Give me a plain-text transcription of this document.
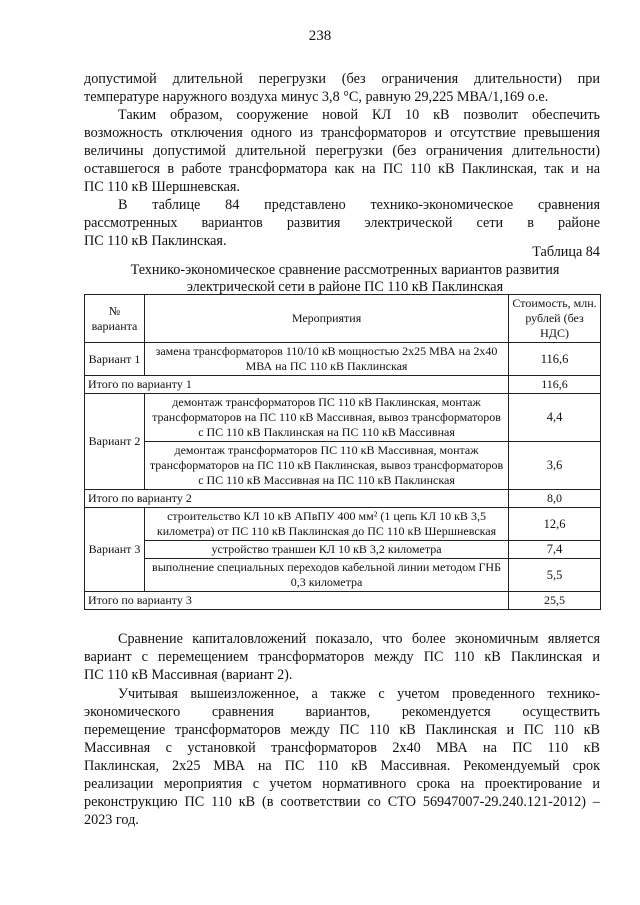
238
допустимой длительной перегрузки (без ограничения длительности) при
температуре наружного воздуха минус 3,8 °С, равную 29,225 МВА/1,169 о.е.
Таким образом, сооружение новой КЛ 10 кВ позволит обеспечить
возможность отключения одного из трансформаторов и отсутствие превышения
величины допустимой длительной перегрузки (без ограничения длительности)
оставшегося в работе трансформатора как на ПС 110 кВ Паклинская, так и на
ПС 110 кВ Шершневская.
В таблице 84 представлено технико-экономическое сравнения
рассмотренных вариантов развития электрической сети в районе
ПС 110 кВ Паклинская.
Таблица 84
Технико-экономическое сравнение рассмотренных вариантов развития
электрической сети в районе ПС 110 кВ Паклинская
№ варианта	Мероприятия	Стоимость, млн. рублей (без НДС)
Вариант 1	замена трансформаторов 110/10 кВ мощностью 2х25 МВА на 2х40 МВА на ПС 110 кВ Паклинская	116,6
Итого по варианту 1		116,6
Вариант 2	демонтаж трансформаторов ПС 110 кВ Паклинская, монтаж трансформаторов на ПС 110 кВ Массивная, вывоз трансформаторов с ПС 110 кВ Паклинская на ПС 110 кВ Массивная	4,4
	демонтаж трансформаторов ПС 110 кВ Массивная, монтаж трансформаторов на ПС 110 кВ Паклинская, вывоз трансформаторов с ПС 110 кВ Массивная на ПС 110 кВ Паклинская	3,6
Итого по варианту 2		8,0
Вариант 3	строительство КЛ 10 кВ АПвПУ 400 мм² (1 цепь КЛ 10 кВ 3,5 километра) от ПС 110 кВ Паклинская до ПС 110 кВ Шершневская	12,6
	устройство траншеи КЛ 10 кВ 3,2 километра	7,4
	выполнение специальных переходов кабельной линии методом ГНБ 0,3 километра	5,5
Итого по варианту 3		25,5
Сравнение капиталовложений показало, что более экономичным является
вариант с перемещением трансформаторов между ПС 110 кВ Паклинская и
ПС 110 кВ Массивная (вариант 2).
Учитывая вышеизложенное, а также с учетом проведенного технико-
экономического сравнения вариантов, рекомендуется осуществить
перемещение трансформаторов между ПС 110 кВ Паклинская и ПС 110 кВ
Массивная с установкой трансформаторов 2х40 МВА на ПС 110 кВ
Паклинская, 2х25 МВА на ПС 110 кВ Массивная. Рекомендуемый срок
реализации мероприятия с учетом нормативного срока на проектирование и
реконструкцию ПС 110 кВ (в соответствии со СТО 56947007-29.240.121-2012) –
2023 год.
